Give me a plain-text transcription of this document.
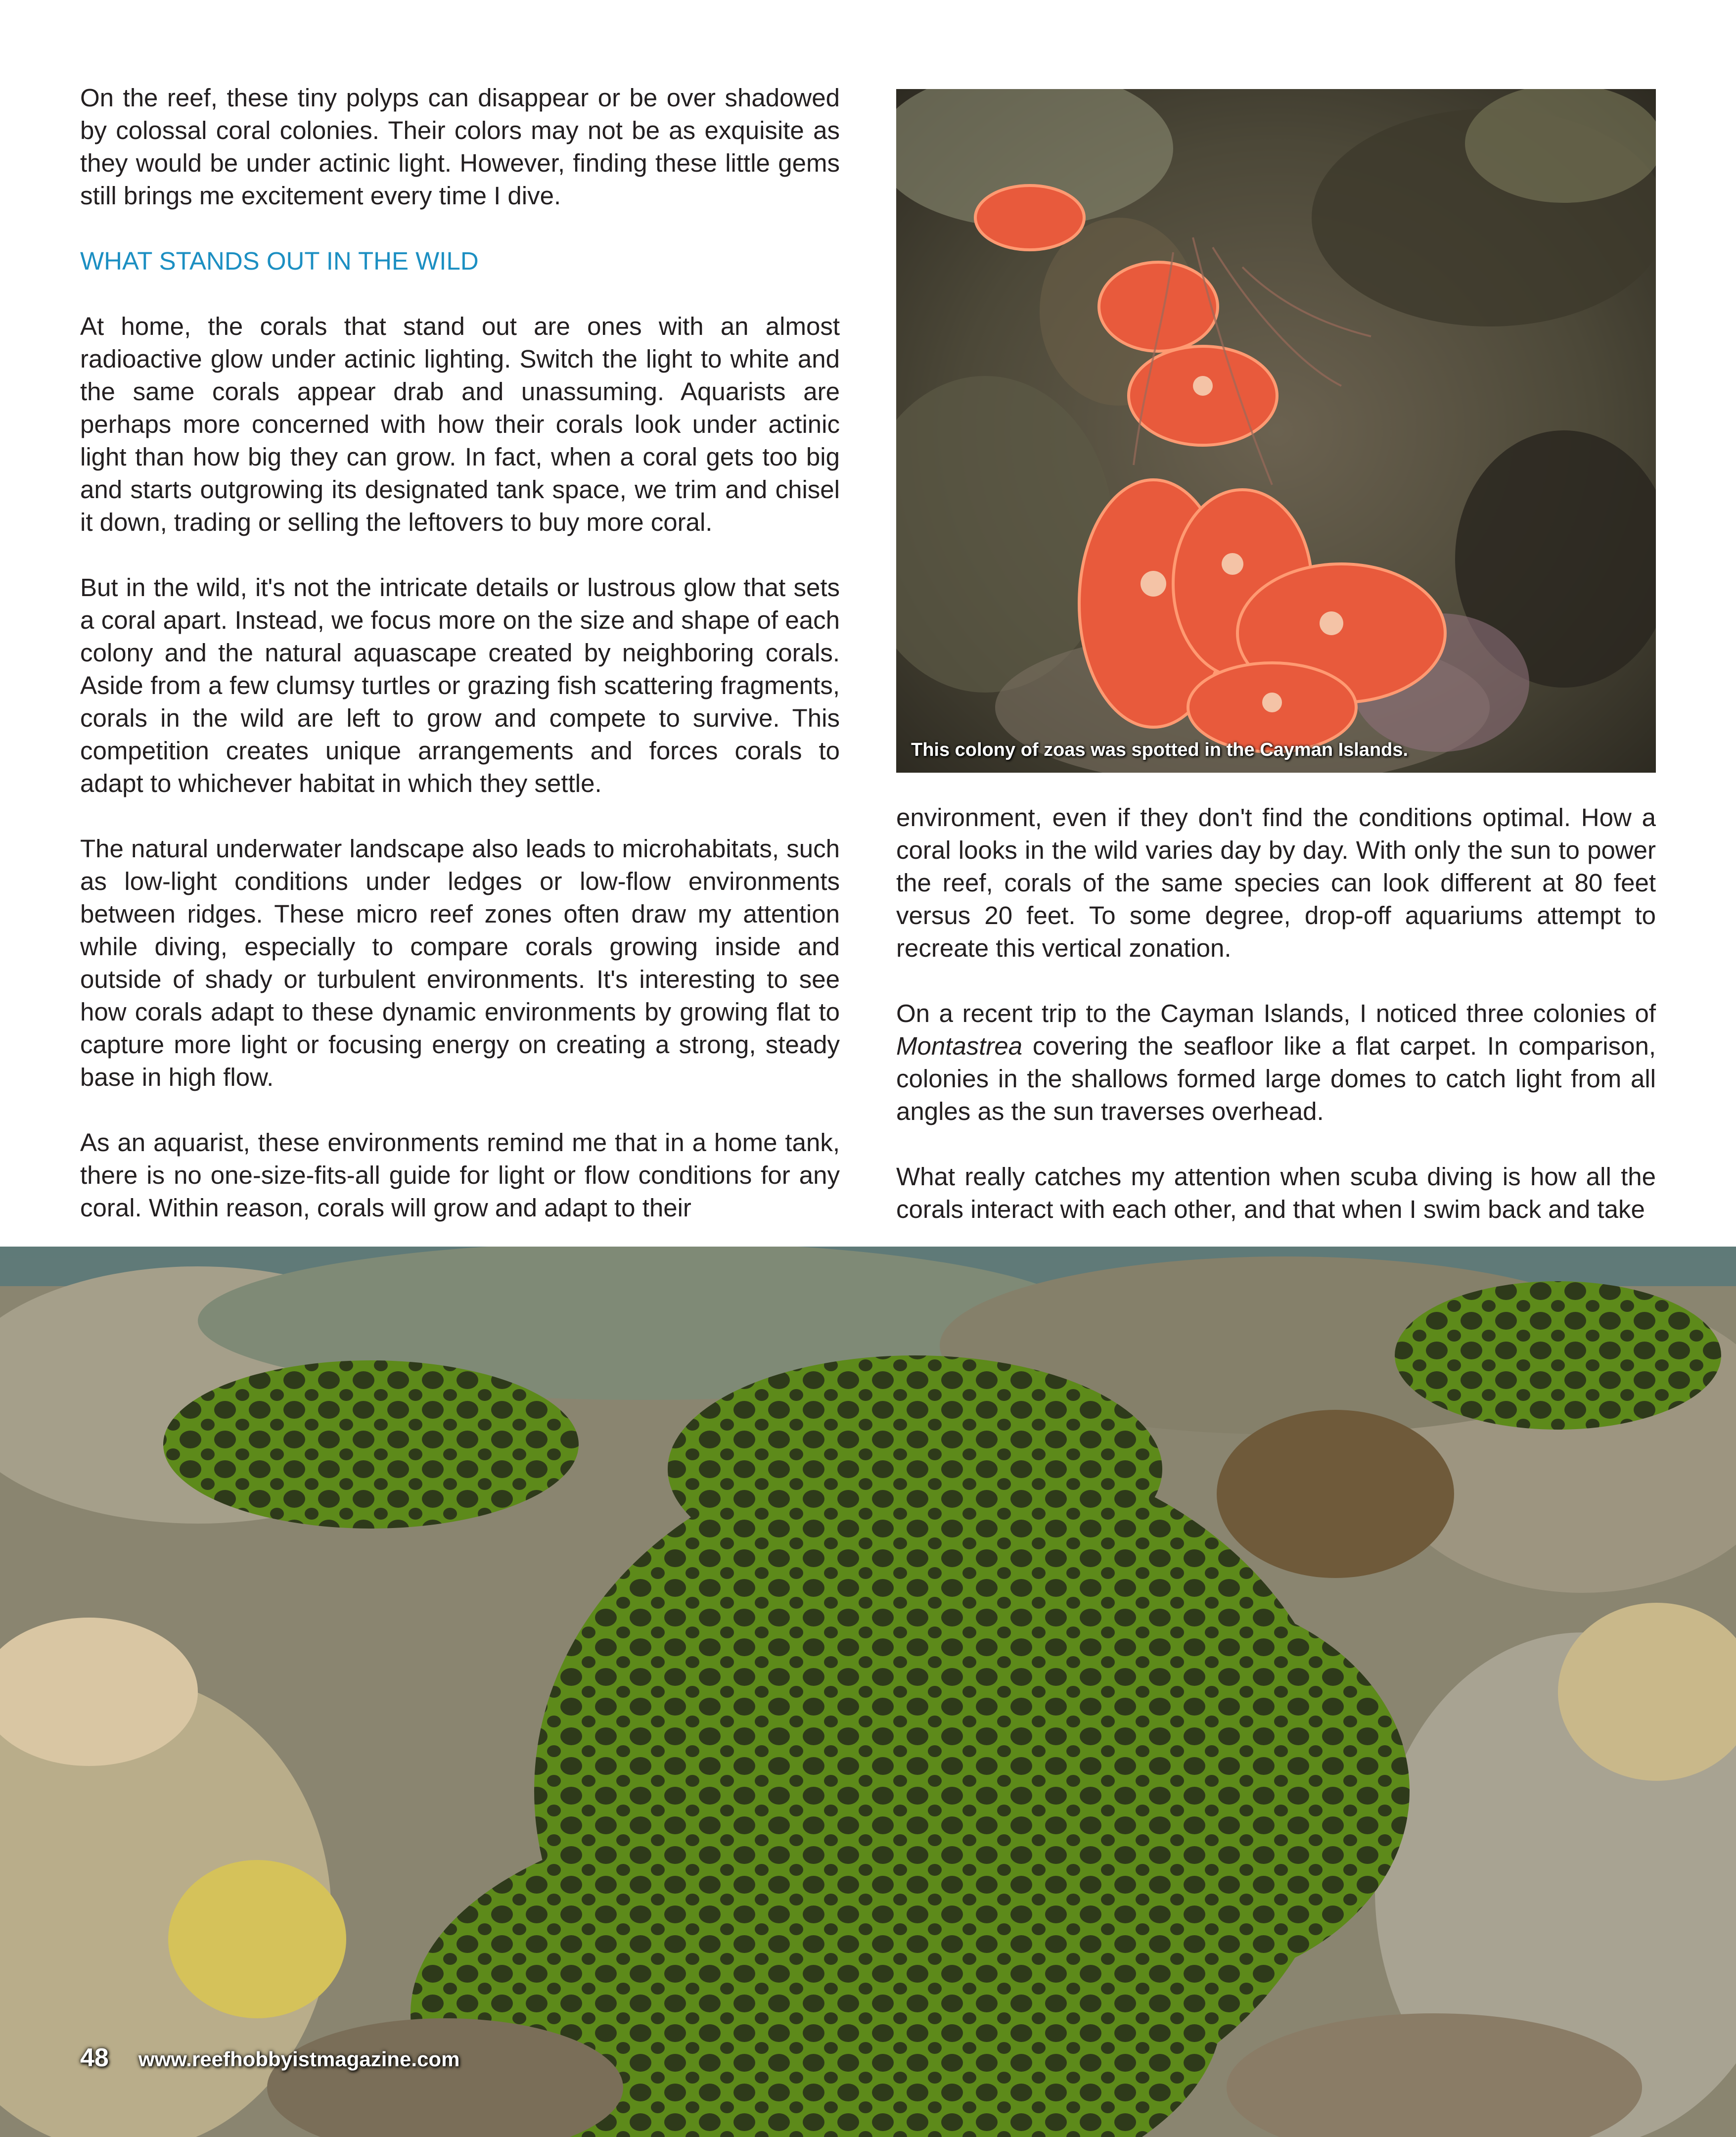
On the reef, these tiny polyps can disappear or be over shadowed by colossal coral colonies. Their colors may not be as exquisite as they would be under actinic light. However, finding these little gems still brings me excitement every time I dive.

WHAT STANDS OUT IN THE WILD

At home, the corals that stand out are ones with an almost radioactive glow under actinic lighting. Switch the light to white and the same corals appear drab and unassuming. Aquarists are perhaps more concerned with how their corals look under actinic light than how big they can grow. In fact, when a coral gets too big and starts outgrowing its designated tank space, we trim and chisel it down, trading or selling the leftovers to buy more coral.

But in the wild, it's not the intricate details or lustrous glow that sets a coral apart. Instead, we focus more on the size and shape of each colony and the natural aquascape created by neighboring corals. Aside from a few clumsy turtles or grazing fish scattering fragments, corals in the wild are left to grow and compete to survive. This competition creates unique arrangements and forces corals to adapt to whichever habitat in which they settle.

The natural underwater landscape also leads to microhabitats, such as low-light conditions under ledges or low-flow environments between ridges. These micro reef zones often draw my attention while diving, especially to compare corals growing inside and outside of shady or turbulent environments. It's interesting to see how corals adapt to these dynamic environments by growing flat to capture more light or focusing energy on creating a strong, steady base in high flow.

As an aquarist, these environments remind me that in a home tank, there is no one-size-fits-all guide for light or flow conditions for any coral. Within reason, corals will grow and adapt to their

This colony of zoas was spotted in the Cayman Islands.

environment, even if they don't find the conditions optimal. How a coral looks in the wild varies day by day. With only the sun to power the reef, corals of the same species can look different at 80 feet versus 20 feet. To some degree, drop-off aquariums attempt to recreate this vertical zonation.

On a recent trip to the Cayman Islands, I noticed three colonies of Montastrea covering the seafloor like a flat carpet. In comparison, colonies in the shallows formed large domes to catch light from all angles as the sun traverses overhead.

What really catches my attention when scuba diving is how all the corals interact with each other, and that when I swim back and take

48 www.reefhobbyistmagazine.com
